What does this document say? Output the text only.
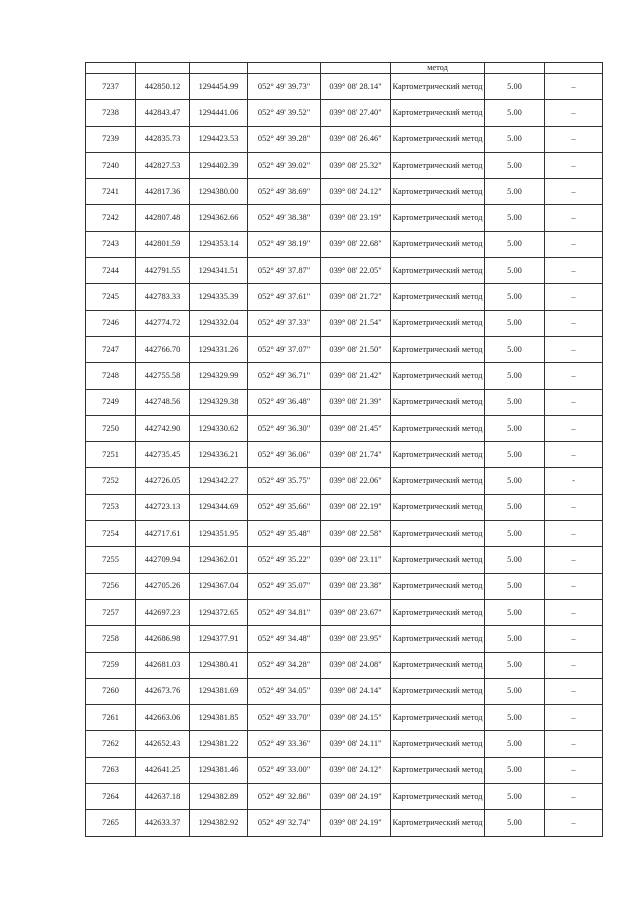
					метод		
7237	442850.12	1294454.99	052° 49' 39.73"	039° 08' 28.14"	Картометрический метод	5.00	–
7238	442843.47	1294441.06	052° 49' 39.52"	039° 08' 27.40"	Картометрический метод	5.00	–
7239	442835.73	1294423.53	052° 49' 39.28"	039° 08' 26.46"	Картометрический метод	5.00	–
7240	442827.53	1294402.39	052° 49' 39.02"	039° 08' 25.32"	Картометрический метод	5.00	–
7241	442817.36	1294380.00	052° 49' 38.69"	039° 08' 24.12"	Картометрический метод	5.00	–
7242	442807.48	1294362.66	052° 49' 38.38"	039° 08' 23.19"	Картометрический метод	5.00	–
7243	442801.59	1294353.14	052° 49' 38.19"	039° 08' 22.68"	Картометрический метод	5.00	–
7244	442791.55	1294341.51	052° 49' 37.87"	039° 08' 22.05"	Картометрический метод	5.00	–
7245	442783.33	1294335.39	052° 49' 37.61"	039° 08' 21.72"	Картометрический метод	5.00	–
7246	442774.72	1294332.04	052° 49' 37.33"	039° 08' 21.54"	Картометрический метод	5.00	–
7247	442766.70	1294331.26	052° 49' 37.07"	039° 08' 21.50"	Картометрический метод	5.00	–
7248	442755.58	1294329.99	052° 49' 36.71"	039° 08' 21.42"	Картометрический метод	5.00	–
7249	442748.56	1294329.38	052° 49' 36.48"	039° 08' 21.39"	Картометрический метод	5.00	–
7250	442742.90	1294330.62	052° 49' 36.30"	039° 08' 21.45"	Картометрический метод	5.00	–
7251	442735.45	1294336.21	052° 49' 36.06"	039° 08' 21.74"	Картометрический метод	5.00	–
7252	442726.05	1294342.27	052° 49' 35.75"	039° 08' 22.06"	Картометрический метод	5.00	-
7253	442723.13	1294344.69	052° 49' 35.66"	039° 08' 22.19"	Картометрический метод	5.00	–
7254	442717.61	1294351.95	052° 49' 35.48"	039° 08' 22.58"	Картометрический метод	5.00	–
7255	442709.94	1294362.01	052° 49' 35.22"	039° 08' 23.11"	Картометрический метод	5.00	–
7256	442705.26	1294367.04	052° 49' 35.07"	039° 08' 23.38"	Картометрический метод	5.00	–
7257	442697.23	1294372.65	052° 49' 34.81"	039° 08' 23.67"	Картометрический метод	5.00	–
7258	442686.98	1294377.91	052° 49' 34.48"	039° 08' 23.95"	Картометрический метод	5.00	–
7259	442681.03	1294380.41	052° 49' 34.28"	039° 08' 24.08"	Картометрический метод	5.00	–
7260	442673.76	1294381.69	052° 49' 34.05"	039° 08' 24.14"	Картометрический метод	5.00	–
7261	442663.06	1294381.85	052° 49' 33.70"	039° 08' 24.15"	Картометрический метод	5.00	–
7262	442652.43	1294381.22	052° 49' 33.36"	039° 08' 24.11"	Картометрический метод	5.00	–
7263	442641.25	1294381.46	052° 49' 33.00"	039° 08' 24.12"	Картометрический метод	5.00	–
7264	442637.18	1294382.89	052° 49' 32.86"	039° 08' 24.19"	Картометрический метод	5.00	–
7265	442633.37	1294382.92	052° 49' 32.74"	039° 08' 24.19"	Картометрический метод	5.00	–
